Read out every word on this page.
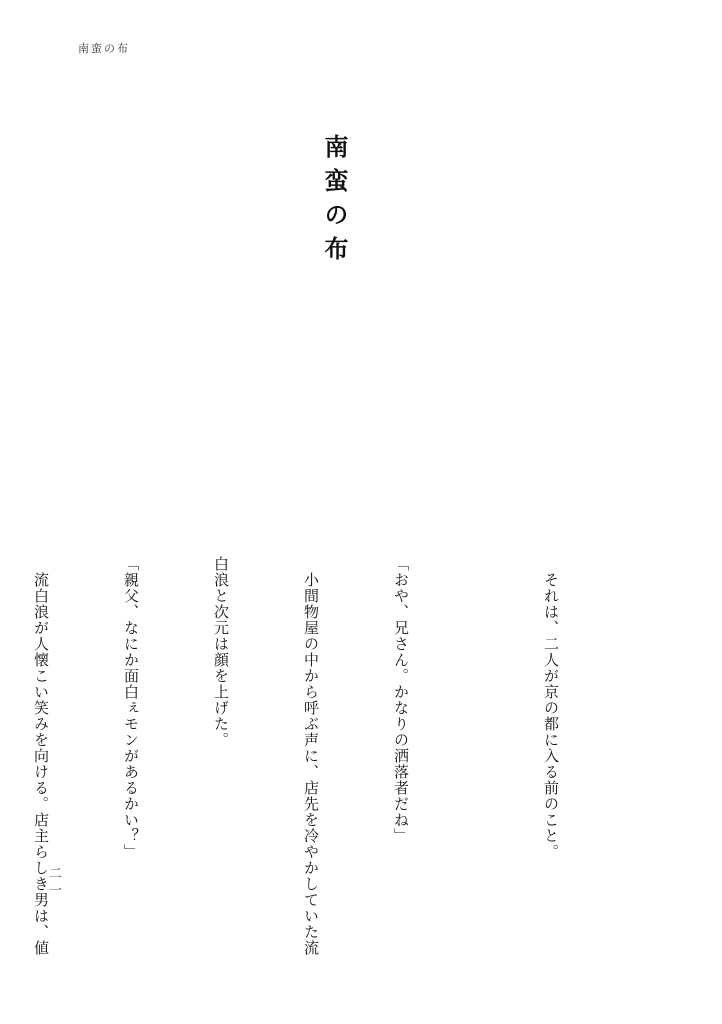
南蛮の布
南蛮の布

　それは、二人が京の都に入る前のこと。

「おや、兄さん。かなりの洒落者だね」

　小間物屋の中から呼ぶ声に、店先を冷やかしていた流

白浪と次元は顔を上げた。

「親父、なにか面白ぇモンがあるかい？」

　流白浪が人懐こい笑みを向ける。店主らしき男は、値

二一
